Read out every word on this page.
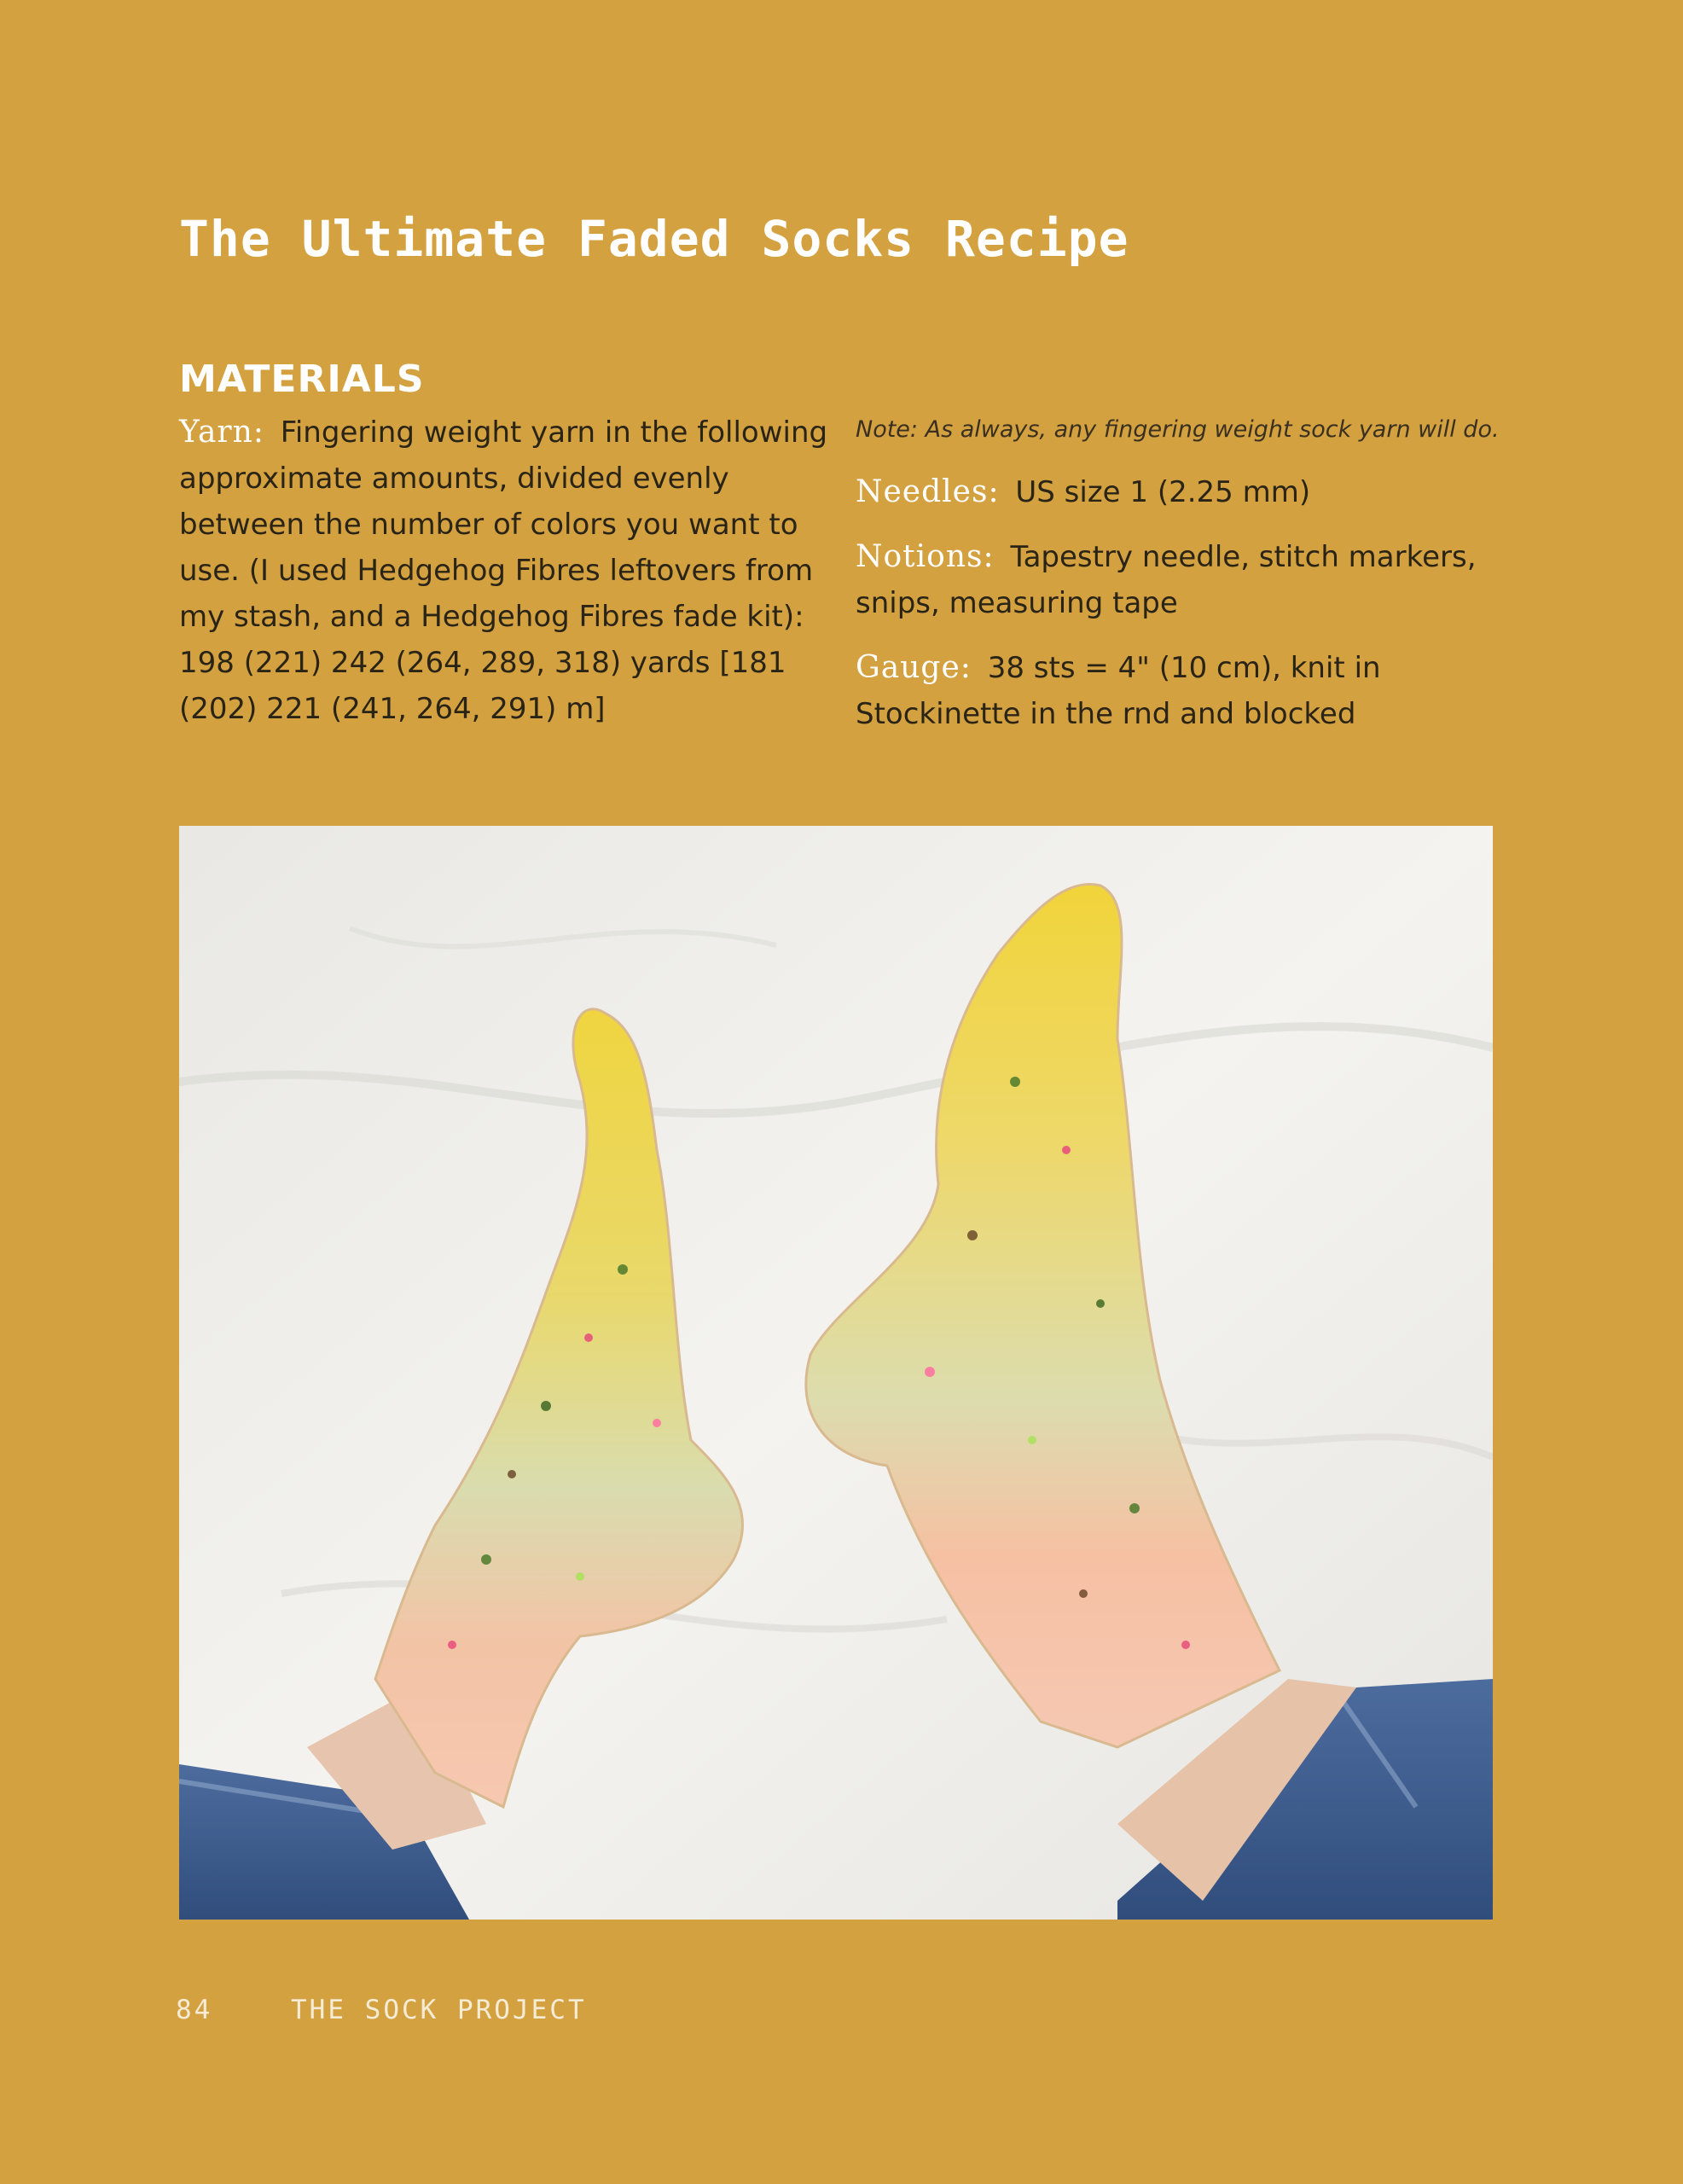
The Ultimate Faded Socks Recipe
MATERIALS

Yarn: Fingering weight yarn in the following approximate amounts, divided evenly between the number of colors you want to use. (I used Hedgehog Fibres leftovers from my stash, and a Hedgehog Fibres fade kit): 198 (221) 242 (264, 289, 318) yards [181 (202) 221 (241, 264, 291) m]

Note: As always, any fingering weight sock yarn will do.

Needles: US size 1 (2.25 mm)

Notions: Tapestry needle, stitch markers, snips, measuring tape

Gauge: 38 sts = 4" (10 cm), knit in Stockinette in the rnd and blocked

84	THE SOCK PROJECT
